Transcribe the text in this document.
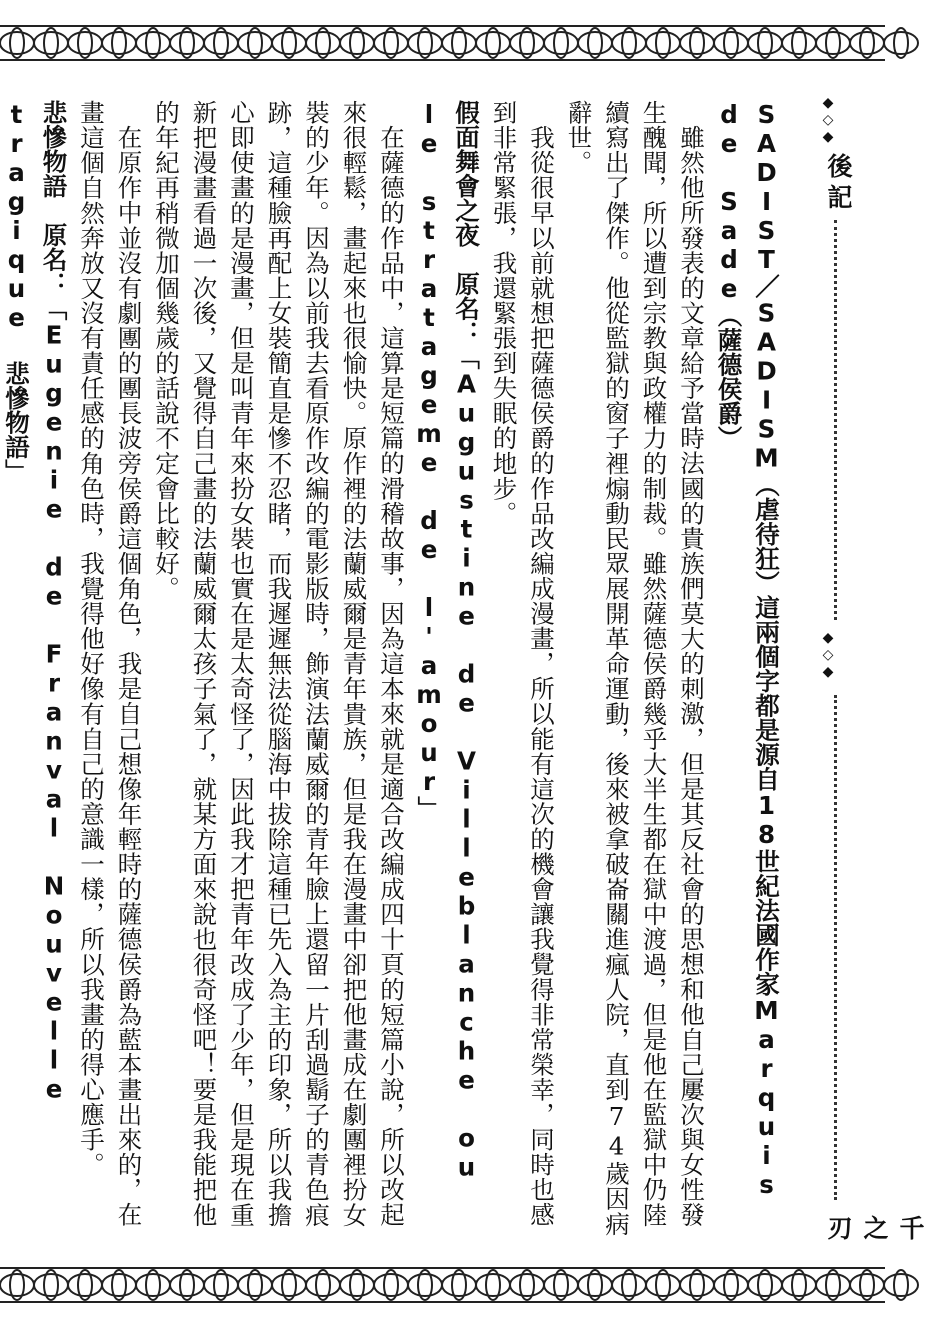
◆◇◆
後記
◆◇◆
千之刃
SADIST／SADISM（虐待狂）這兩個字都是源自18世紀法國作家Marquis de Sade（薩德侯爵）
雖然他所發表的文章給予當時法國的貴族們莫大的刺激，但是其反社會的思想和他自己屢次與女性發生醜聞，所以遭到宗教與政權力的制裁。雖然薩德侯爵幾乎大半生都在獄中渡過，但是他在監獄中仍陸續寫出了傑作。他從監獄的窗子裡煽動民眾展開革命運動，後來被拿破崙關進瘋人院，直到74歲因病辭世。
我從很早以前就想把薩德侯爵的作品改編成漫畫，所以能有這次的機會讓我覺得非常榮幸，同時也感到非常緊張，我還緊張到失眠的地步。
假面舞會之夜　原名：「Augustine de Villeblanche ou le stratageme de l'amour」
在薩德的作品中，這算是短篇的滑稽故事，因為這本來就是適合改編成四十頁的短篇小說，所以改起來很輕鬆，畫起來也很愉快。原作裡的法蘭威爾是青年貴族，但是我在漫畫中卻把他畫成在劇團裡扮女裝的少年。因為以前我去看原作改編的電影版時，飾演法蘭威爾的青年臉上還留一片刮過鬍子的青色痕跡，這種臉再配上女裝簡直是慘不忍睹，而我遲遲無法從腦海中拔除這種已先入為主的印象，所以我擔心即使畫的是漫畫，但是叫青年來扮女裝也實在是太奇怪了，因此我才把青年改成了少年，但是現在重新把漫畫看過一次後，又覺得自己畫的法蘭威爾太孩子氣了，就某方面來說也很奇怪吧！要是我能把他的年紀再稍微加個幾歲的話說不定會比較好。
在原作中並沒有劇團的團長波旁侯爵這個角色，我是自己想像年輕時的薩德侯爵為藍本畫出來的，在畫這個自然奔放又沒有責任感的角色時，我覺得他好像有自己的意識一樣，所以我畫的得心應手。
悲慘物語　原名：「Eugenie de Franval Nouvelle tragique 悲慘物語」
